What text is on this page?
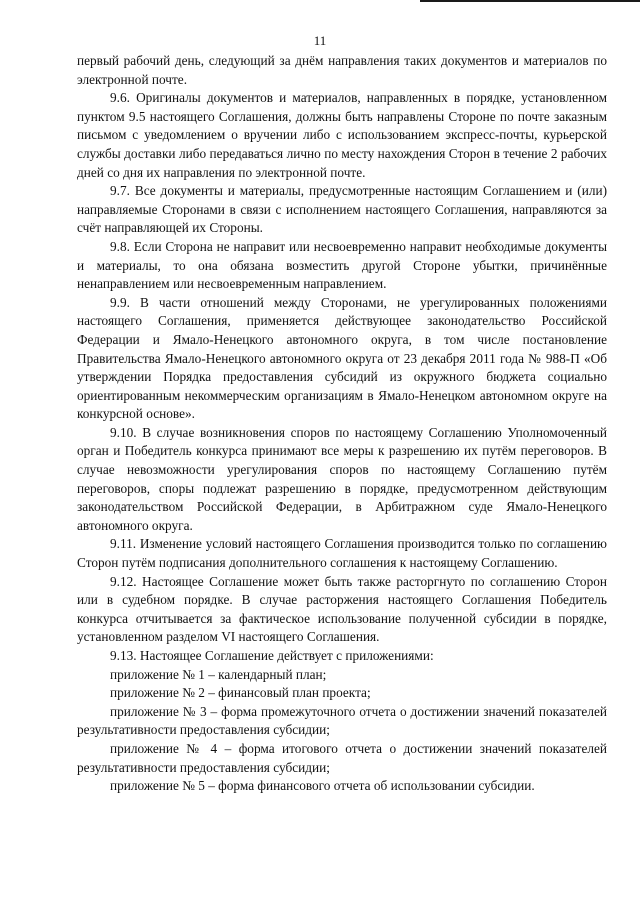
11

первый рабочий день, следующий за днём направления таких документов и материалов по электронной почте.

9.6. Оригиналы документов и материалов, направленных в порядке, установленном пунктом 9.5 настоящего Соглашения, должны быть направлены Стороне по почте заказным письмом с уведомлением о вручении либо с использованием экспресс-почты, курьерской службы доставки либо передаваться лично по месту нахождения Сторон в течение 2 рабочих дней со дня их направления по электронной почте.

9.7. Все документы и материалы, предусмотренные настоящим Соглашением и (или) направляемые Сторонами в связи с исполнением настоящего Соглашения, направляются за счёт направляющей их Стороны.

9.8. Если Сторона не направит или несвоевременно направит необходимые документы и материалы, то она обязана возместить другой Стороне убытки, причинённые ненаправлением или несвоевременным направлением.

9.9. В части отношений между Сторонами, не урегулированных положениями настоящего Соглашения, применяется действующее законодательство Российской Федерации и Ямало-Ненецкого автономного округа, в том числе постановление Правительства Ямало-Ненецкого автономного округа от 23 декабря 2011 года № 988-П «Об утверждении Порядка предоставления субсидий из окружного бюджета социально ориентированным некоммерческим организациям в Ямало-Ненецком автономном округе на конкурсной основе».

9.10. В случае возникновения споров по настоящему Соглашению Уполномоченный орган и Победитель конкурса принимают все меры к разрешению их путём переговоров. В случае невозможности урегулирования споров по настоящему Соглашению путём переговоров, споры подлежат разрешению в порядке, предусмотренном действующим законодательством Российской Федерации, в Арбитражном суде Ямало-Ненецкого автономного округа.

9.11. Изменение условий настоящего Соглашения производится только по соглашению Сторон путём подписания дополнительного соглашения к настоящему Соглашению.

9.12. Настоящее Соглашение может быть также расторгнуто по соглашению Сторон или в судебном порядке. В случае расторжения настоящего Соглашения Победитель конкурса отчитывается за фактическое использование полученной субсидии в порядке, установленном разделом VI настоящего Соглашения.

9.13. Настоящее Соглашение действует с приложениями:

приложение № 1 – календарный план;

приложение № 2 – финансовый план проекта;

приложение № 3 – форма промежуточного отчета о достижении значений показателей результативности предоставления субсидии;

приложение № 4 – форма итогового отчета о достижении значений показателей результативности предоставления субсидии;

приложение № 5 – форма финансового отчета об использовании субсидии.
